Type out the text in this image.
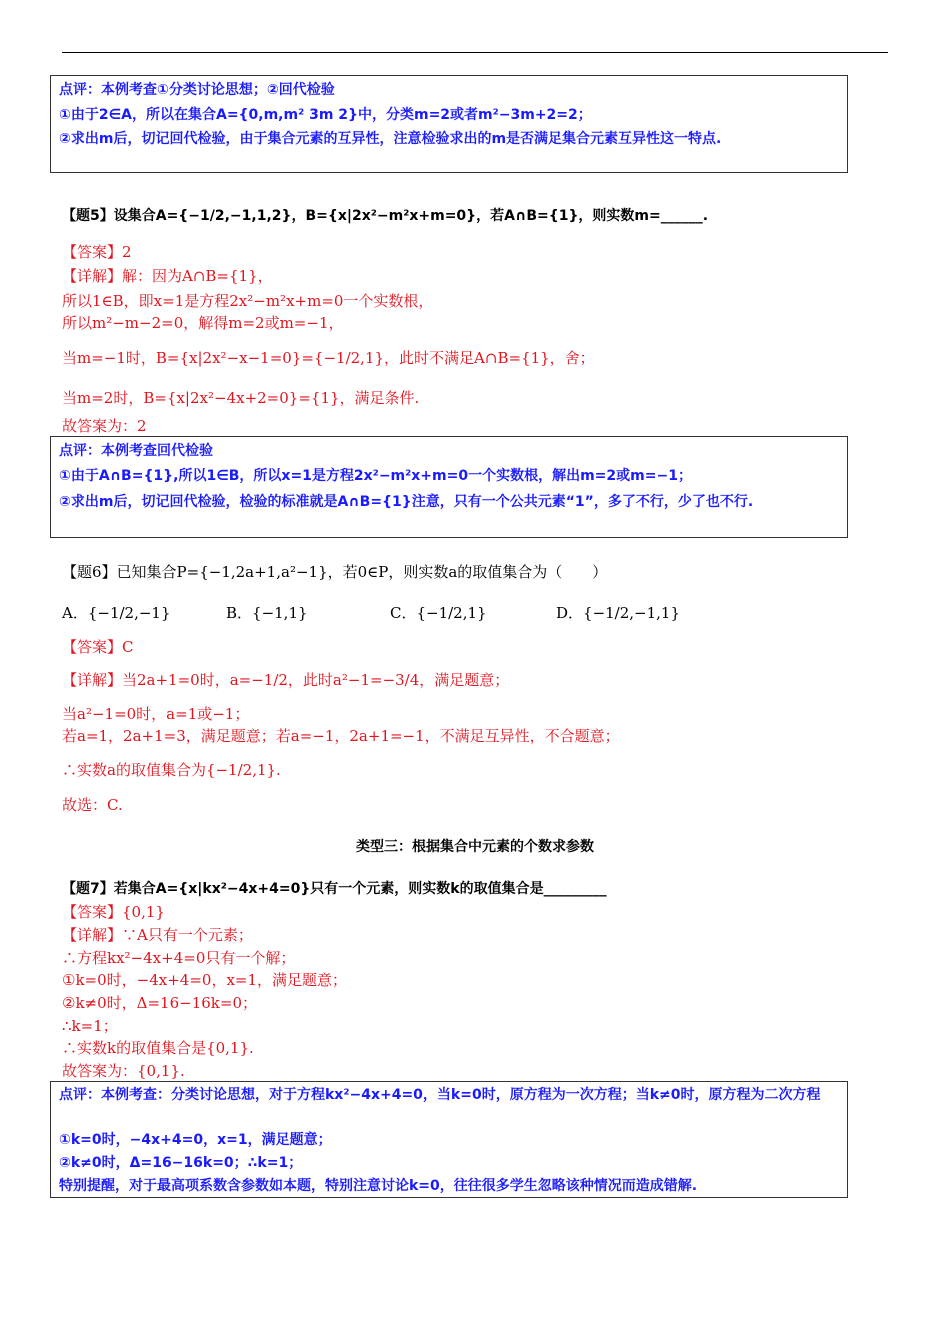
点评：本例考查①分类讨论思想；②回代检验
①由于2∈A，所以在集合A={0,m,m² 3m 2}中，分类m=2或者m²−3m+2=2；
②求出m后，切记回代检验，由于集合元素的互异性，注意检验求出的m是否满足集合元素互异性这一特点.
【题5】设集合A={−1/2,−1,1,2}，B={x|2x²−m²x+m=0}，若A∩B={1}，则实数m=______.
【答案】2
【详解】解：因为A∩B={1}，
所以1∈B，即x=1是方程2x²−m²x+m=0一个实数根，
所以m²−m−2=0，解得m=2或m=−1，
当m=−1时，B={x|2x²−x−1=0}={−1/2,1}，此时不满足A∩B={1}，舍；
当m=2时，B={x|2x²−4x+2=0}={1}，满足条件.
故答案为：2
点评：本例考查回代检验
①由于A∩B={1},所以1∈B，所以x=1是方程2x²−m²x+m=0一个实数根，解出m=2或m=−1；
②求出m后，切记回代检验，检验的标准就是A∩B={1}注意，只有一个公共元素“1”，多了不行，少了也不行.
【题6】已知集合P={−1,2a+1,a²−1}，若0∈P，则实数a的取值集合为（　　）
A．{−1/2,−1}	B．{−1,1}	C．{−1/2,1}	D．{−1/2,−1,1}
【答案】C
【详解】当2a+1=0时，a=−1/2，此时a²−1=−3/4，满足题意；
当a²−1=0时，a=1或−1；
若a=1，2a+1=3，满足题意；若a=−1，2a+1=−1，不满足互异性，不合题意；
∴实数a的取值集合为{−1/2,1}.
故选：C.
类型三：根据集合中元素的个数求参数
【题7】若集合A={x|kx²−4x+4=0}只有一个元素，则实数k的取值集合是_________
【答案】{0,1}
【详解】∵A只有一个元素；
∴方程kx²−4x+4=0只有一个解；
①k=0时，−4x+4=0，x=1，满足题意；
②k≠0时，Δ=16−16k=0；
∴k=1；
∴实数k的取值集合是{0,1}.
故答案为：{0,1}.
点评：本例考查：分类讨论思想，对于方程kx²−4x+4=0，当k=0时，原方程为一次方程；当k≠0时，原方程为二次方程
①k=0时，−4x+4=0，x=1，满足题意；
②k≠0时，Δ=16−16k=0；∴k=1；
特别提醒，对于最高项系数含参数如本题，特别注意讨论k=0，往往很多学生忽略该种情况而造成错解.
